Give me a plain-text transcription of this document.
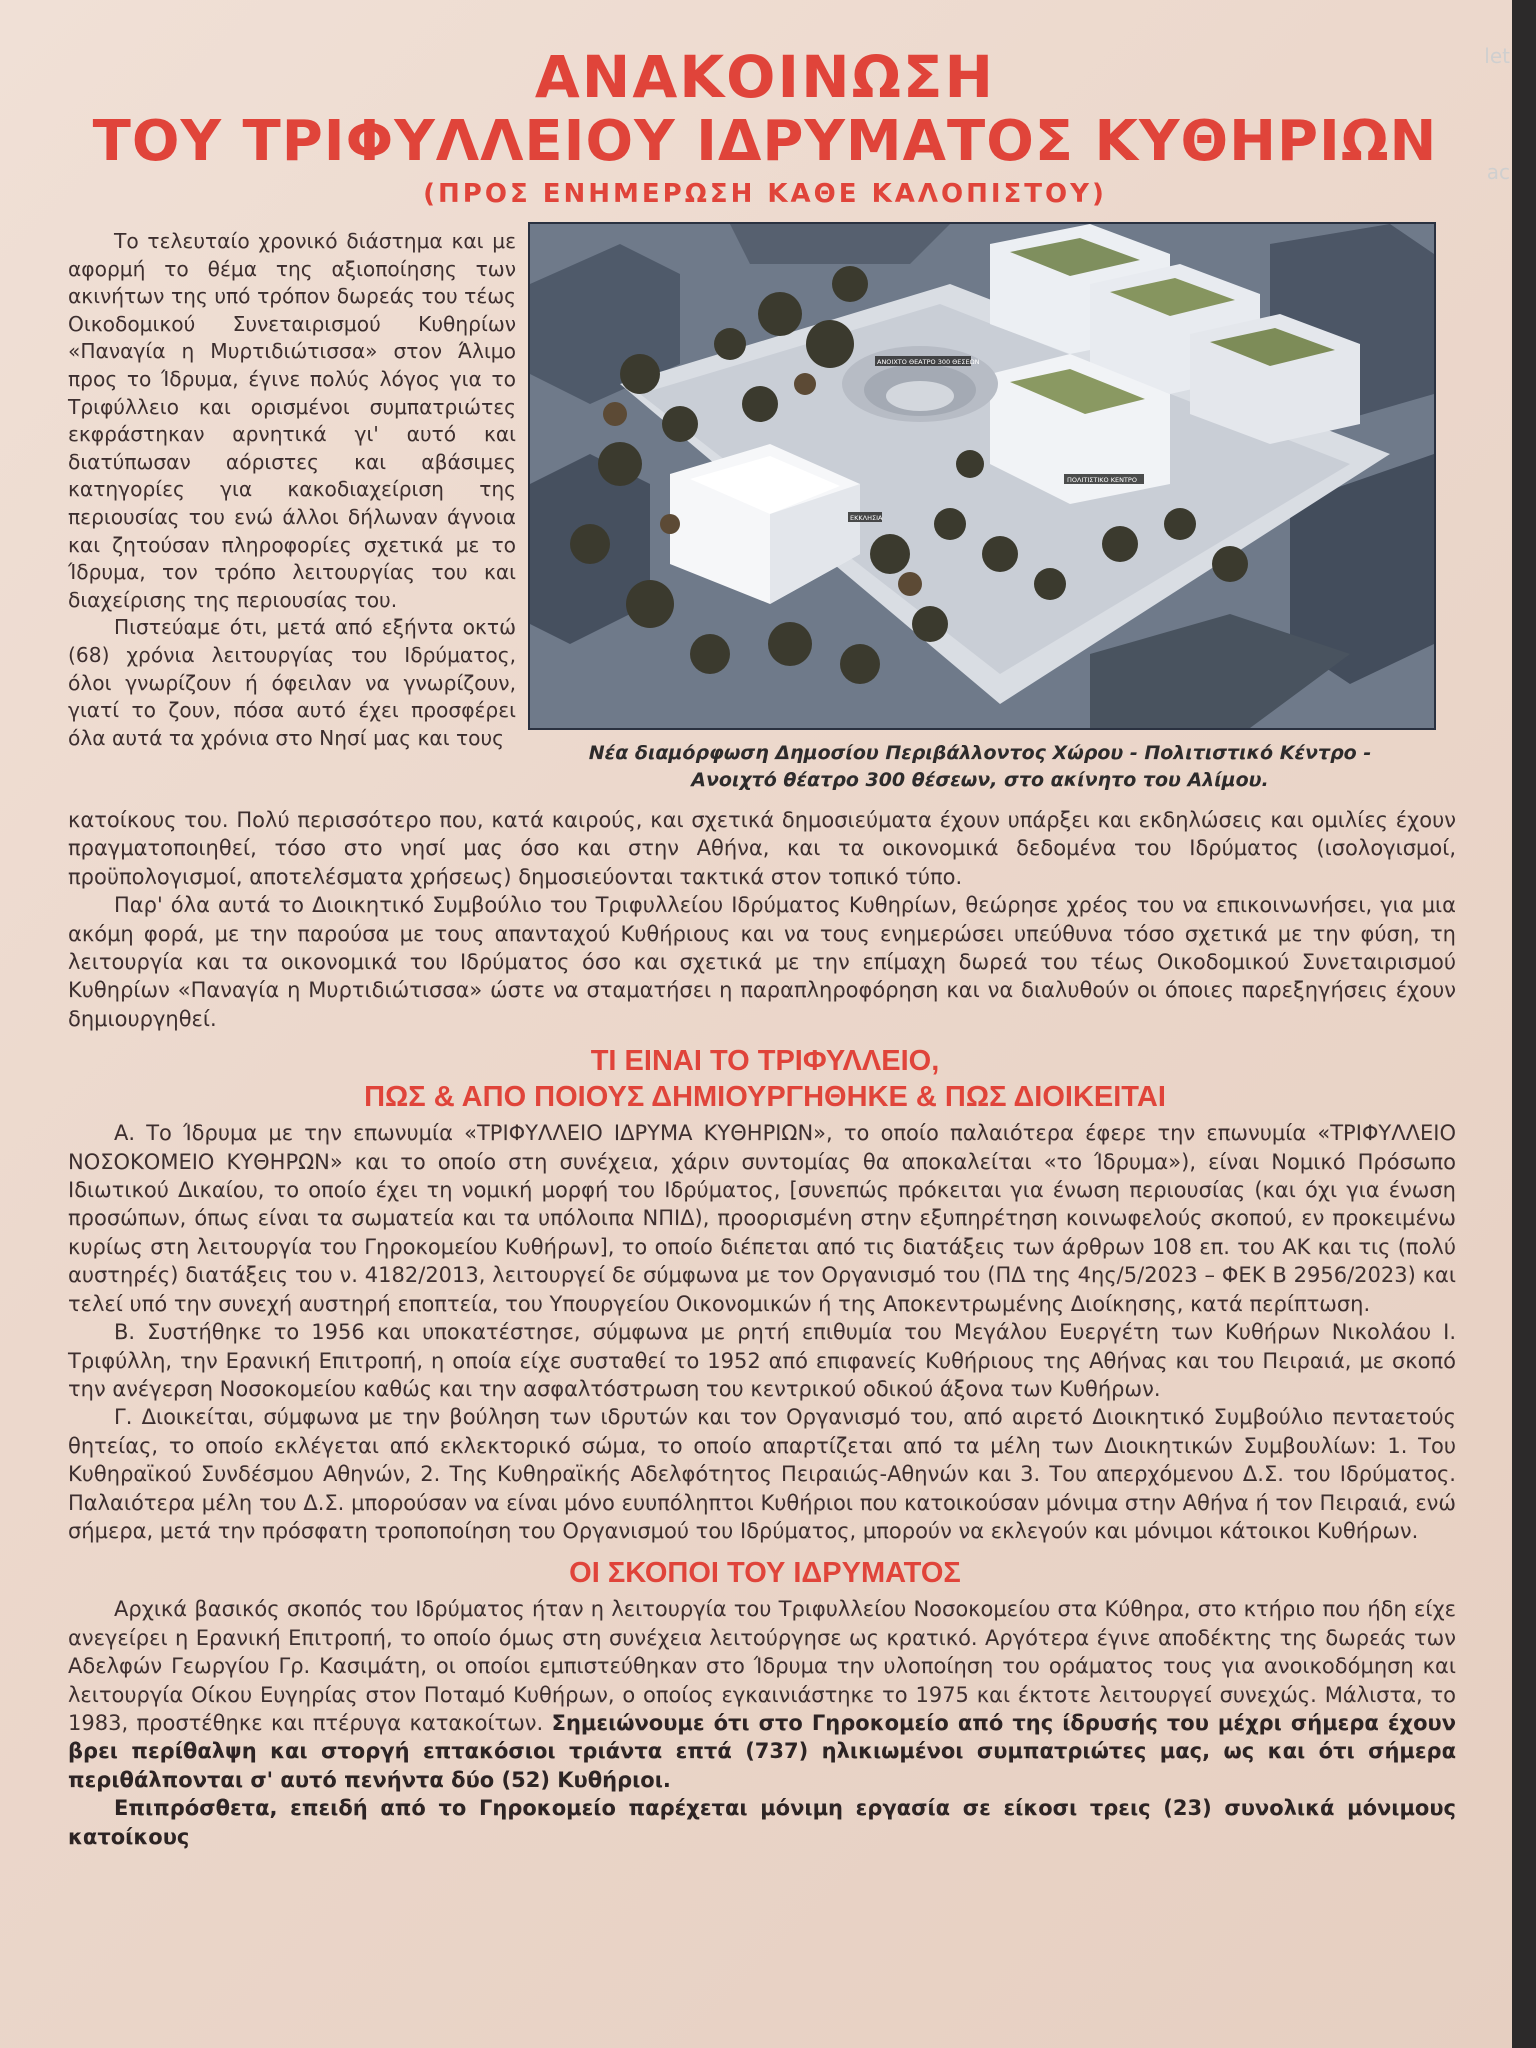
let
ac
ΑΝΑΚΟΙΝΩΣΗ
ΤΟΥ ΤΡΙΦΥΛΛΕΙΟΥ ΙΔΡΥΜΑΤΟΣ ΚΥΘΗΡΙΩΝ
(ΠΡΟΣ ΕΝΗΜΕΡΩΣΗ ΚΑΘΕ ΚΑΛΟΠΙΣΤΟΥ)

Το τελευταίο χρονικό διάστημα και με αφορμή το θέμα της αξιοποίησης των ακινήτων της υπό τρόπον δωρεάς του τέως Οικοδομικού Συνεταιρισμού Κυθηρίων «Παναγία η Μυρτιδιώτισσα» στον Άλιμο προς το Ίδρυμα, έγινε πολύς λόγος για το Τριφύλλειο και ορισμένοι συμπατριώτες εκφράστηκαν αρνητικά γι' αυτό και διατύπωσαν αόριστες και αβάσιμες κατηγορίες για κακοδιαχείριση της περιουσίας του ενώ άλλοι δήλωναν άγνοια και ζητούσαν πληροφορίες σχετικά με το Ίδρυμα, τον τρόπο λειτουργίας του και διαχείρισης της περιουσίας του.

Πιστεύαμε ότι, μετά από εξήντα οκτώ (68) χρόνια λειτουργίας του Ιδρύματος, όλοι γνωρίζουν ή όφειλαν να γνωρίζουν, γιατί το ζουν, πόσα αυτό έχει προσφέρει όλα αυτά τα χρόνια στο Νησί μας και τους

ΑΝΟΙΧΤΟ ΘΕΑΤΡΟ 300 ΘΕΣΕΩΝ
ΠΟΛΙΤΙΣΤΙΚΟ ΚΕΝΤΡΟ
ΕΚΚΛΗΣΙΑ
Νέα διαμόρφωση Δημοσίου Περιβάλλοντος Χώρου - Πολιτιστικό Κέντρο -
Ανοιχτό θέατρο 300 θέσεων, στο ακίνητο του Αλίμου.

κατοίκους του. Πολύ περισσότερο που, κατά καιρούς, και σχετικά δημοσιεύματα έχουν υπάρξει και εκδηλώσεις και ομιλίες έχουν πραγματοποιηθεί, τόσο στο νησί μας όσο και στην Αθήνα, και τα οικονομικά δεδομένα του Ιδρύματος (ισολογισμοί, προϋπολογισμοί, αποτελέσματα χρήσεως) δημοσιεύονται τακτικά στον τοπικό τύπο.

Παρ' όλα αυτά το Διοικητικό Συμβούλιο του Τριφυλλείου Ιδρύματος Κυθηρίων, θεώρησε χρέος του να επικοινωνήσει, για μια ακόμη φορά, με την παρούσα με τους απανταχού Κυθήριους και να τους ενημερώσει υπεύθυνα τόσο σχετικά με την φύση, τη λειτουργία και τα οικονομικά του Ιδρύματος όσο και σχετικά με την επίμαχη δωρεά του τέως Οικοδομικού Συνεταιρισμού Κυθηρίων «Παναγία η Μυρτιδιώτισσα» ώστε να σταματήσει η παραπληροφόρηση και να διαλυθούν οι όποιες παρεξηγήσεις έχουν δημιουργηθεί.

ΤΙ ΕΙΝΑΙ ΤΟ ΤΡΙΦΥΛΛΕΙΟ,
ΠΩΣ & ΑΠΟ ΠΟΙΟΥΣ ΔΗΜΙΟΥΡΓΗΘΗΚΕ & ΠΩΣ ΔΙΟΙΚΕΙΤΑΙ

Α. Το Ίδρυμα με την επωνυμία «ΤΡΙΦΥΛΛΕΙΟ ΙΔΡΥΜΑ ΚΥΘΗΡΙΩΝ», το οποίο παλαιότερα έφερε την επωνυμία «ΤΡΙΦΥΛΛΕΙΟ ΝΟΣΟΚΟΜΕΙΟ ΚΥΘΗΡΩΝ» και το οποίο στη συνέχεια, χάριν συντομίας θα αποκαλείται «το Ίδρυμα»), είναι Νομικό Πρόσωπο Ιδιωτικού Δικαίου, το οποίο έχει τη νομική μορφή του Ιδρύματος, [συνεπώς πρόκειται για ένωση περιουσίας (και όχι για ένωση προσώπων, όπως είναι τα σωματεία και τα υπόλοιπα ΝΠΙΔ), προορισμένη στην εξυπηρέτηση κοινωφελούς σκοπού, εν προκειμένω κυρίως στη λειτουργία του Γηροκομείου Κυθήρων], το οποίο διέπεται από τις διατάξεις των άρθρων 108 επ. του ΑΚ και τις (πολύ αυστηρές) διατάξεις του ν. 4182/2013, λειτουργεί δε σύμφωνα με τον Οργανισμό του (ΠΔ της 4ης/5/2023 – ΦΕΚ Β 2956/2023) και τελεί υπό την συνεχή αυστηρή εποπτεία, του Υπουργείου Οικονομικών ή της Αποκεντρωμένης Διοίκησης, κατά περίπτωση.

Β. Συστήθηκε το 1956 και υποκατέστησε, σύμφωνα με ρητή επιθυμία του Μεγάλου Ευεργέτη των Κυθήρων Νικολάου Ι. Τριφύλλη, την Ερανική Επιτροπή, η οποία είχε συσταθεί το 1952 από επιφανείς Κυθήριους της Αθήνας και του Πειραιά, με σκοπό την ανέγερση Νοσοκομείου καθώς και την ασφαλτόστρωση του κεντρικού οδικού άξονα των Κυθήρων.

Γ. Διοικείται, σύμφωνα με την βούληση των ιδρυτών και τον Οργανισμό του, από αιρετό Διοικητικό Συμβούλιο πενταετούς θητείας, το οποίο εκλέγεται από εκλεκτορικό σώμα, το οποίο απαρτίζεται από τα μέλη των Διοικητικών Συμβουλίων: 1. Του Κυθηραϊκού Συνδέσμου Αθηνών, 2. Της Κυθηραϊκής Αδελφότητος Πειραιώς-Αθηνών και 3. Του απερχόμενου Δ.Σ. του Ιδρύματος. Παλαιότερα μέλη του Δ.Σ. μπορούσαν να είναι μόνο ευυπόληπτοι Κυθήριοι που κατοικούσαν μόνιμα στην Αθήνα ή τον Πειραιά, ενώ σήμερα, μετά την πρόσφατη τροποποίηση του Οργανισμού του Ιδρύματος, μπορούν να εκλεγούν και μόνιμοι κάτοικοι Κυθήρων.

ΟΙ ΣΚΟΠΟΙ ΤΟΥ ΙΔΡΥΜΑΤΟΣ

Αρχικά βασικός σκοπός του Ιδρύματος ήταν η λειτουργία του Τριφυλλείου Νοσοκομείου στα Κύθηρα, στο κτήριο που ήδη είχε ανεγείρει η Ερανική Επιτροπή, το οποίο όμως στη συνέχεια λειτούργησε ως κρατικό. Αργότερα έγινε αποδέκτης της δωρεάς των Αδελφών Γεωργίου Γρ. Κασιμάτη, οι οποίοι εμπιστεύθηκαν στο Ίδρυμα την υλοποίηση του οράματος τους για ανοικοδόμηση και λειτουργία Οίκου Ευγηρίας στον Ποταμό Κυθήρων, ο οποίος εγκαινιάστηκε το 1975 και έκτοτε λειτουργεί συνεχώς. Μάλιστα, το 1983, προστέθηκε και πτέρυγα κατακοίτων. Σημειώνουμε ότι στο Γηροκομείο από της ίδρυσής του μέχρι σήμερα έχουν βρει περίθαλψη και στοργή επτακόσιοι τριάντα επτά (737) ηλικιωμένοι συμπατριώτες μας, ως και ότι σήμερα περιθάλπονται σ' αυτό πενήντα δύο (52) Κυθήριοι.

Επιπρόσθετα, επειδή από το Γηροκομείο παρέχεται μόνιμη εργασία σε είκοσι τρεις (23) συνολικά μόνιμους κατοίκους
